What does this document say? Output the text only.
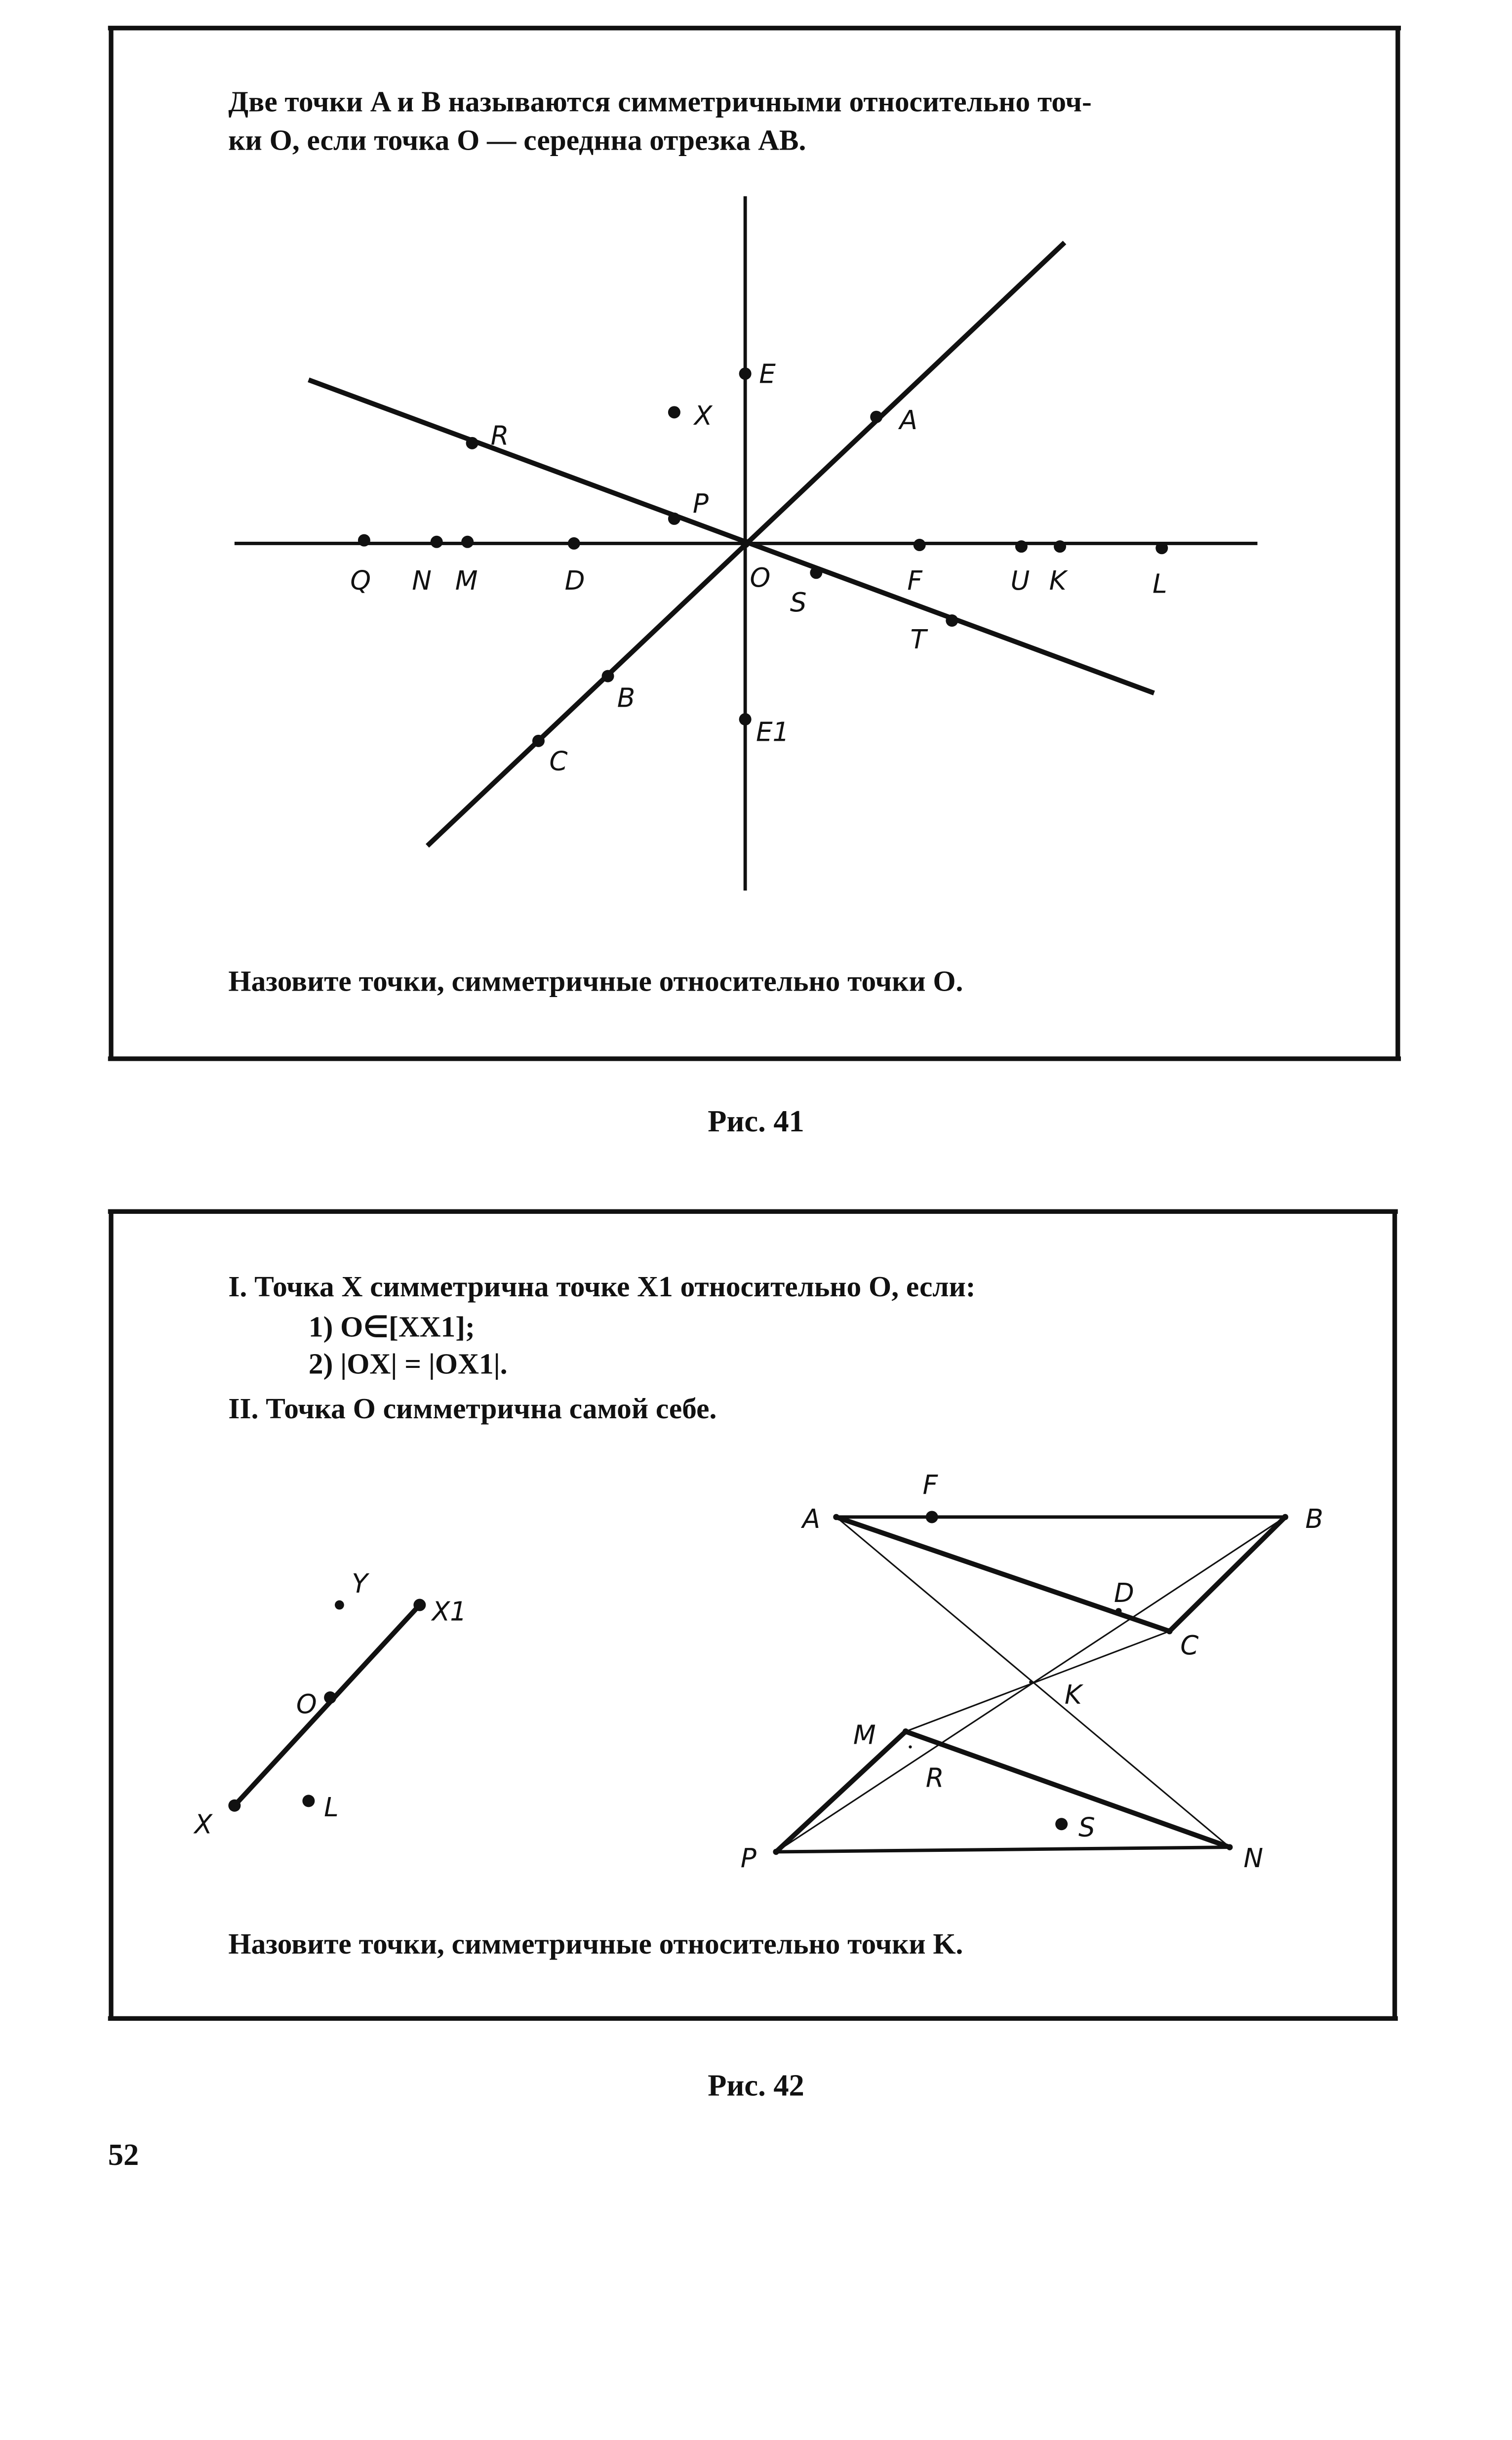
Две точки A и B называются симметричными относительно точ-
ки O, если точка O — середнна отрезка AB.
E
X	A
R
P
Q	N	M	D	O
S
F	U K	L
T
B
C
E1
Назовите точки, симметричные относительно точки O.
Рис. 41
I. Точка X симметрична точке X1 относительно O, если:
1) O∈[XX1];
2) |OX| = |OX1|.
II. Точка O симметрична самой себе.
Y
X1
O
X
L
F
A	B
D
C
K
M
R
S
P	N
Назовите точки, симметричные относительно точки K.
Рис. 42
52
